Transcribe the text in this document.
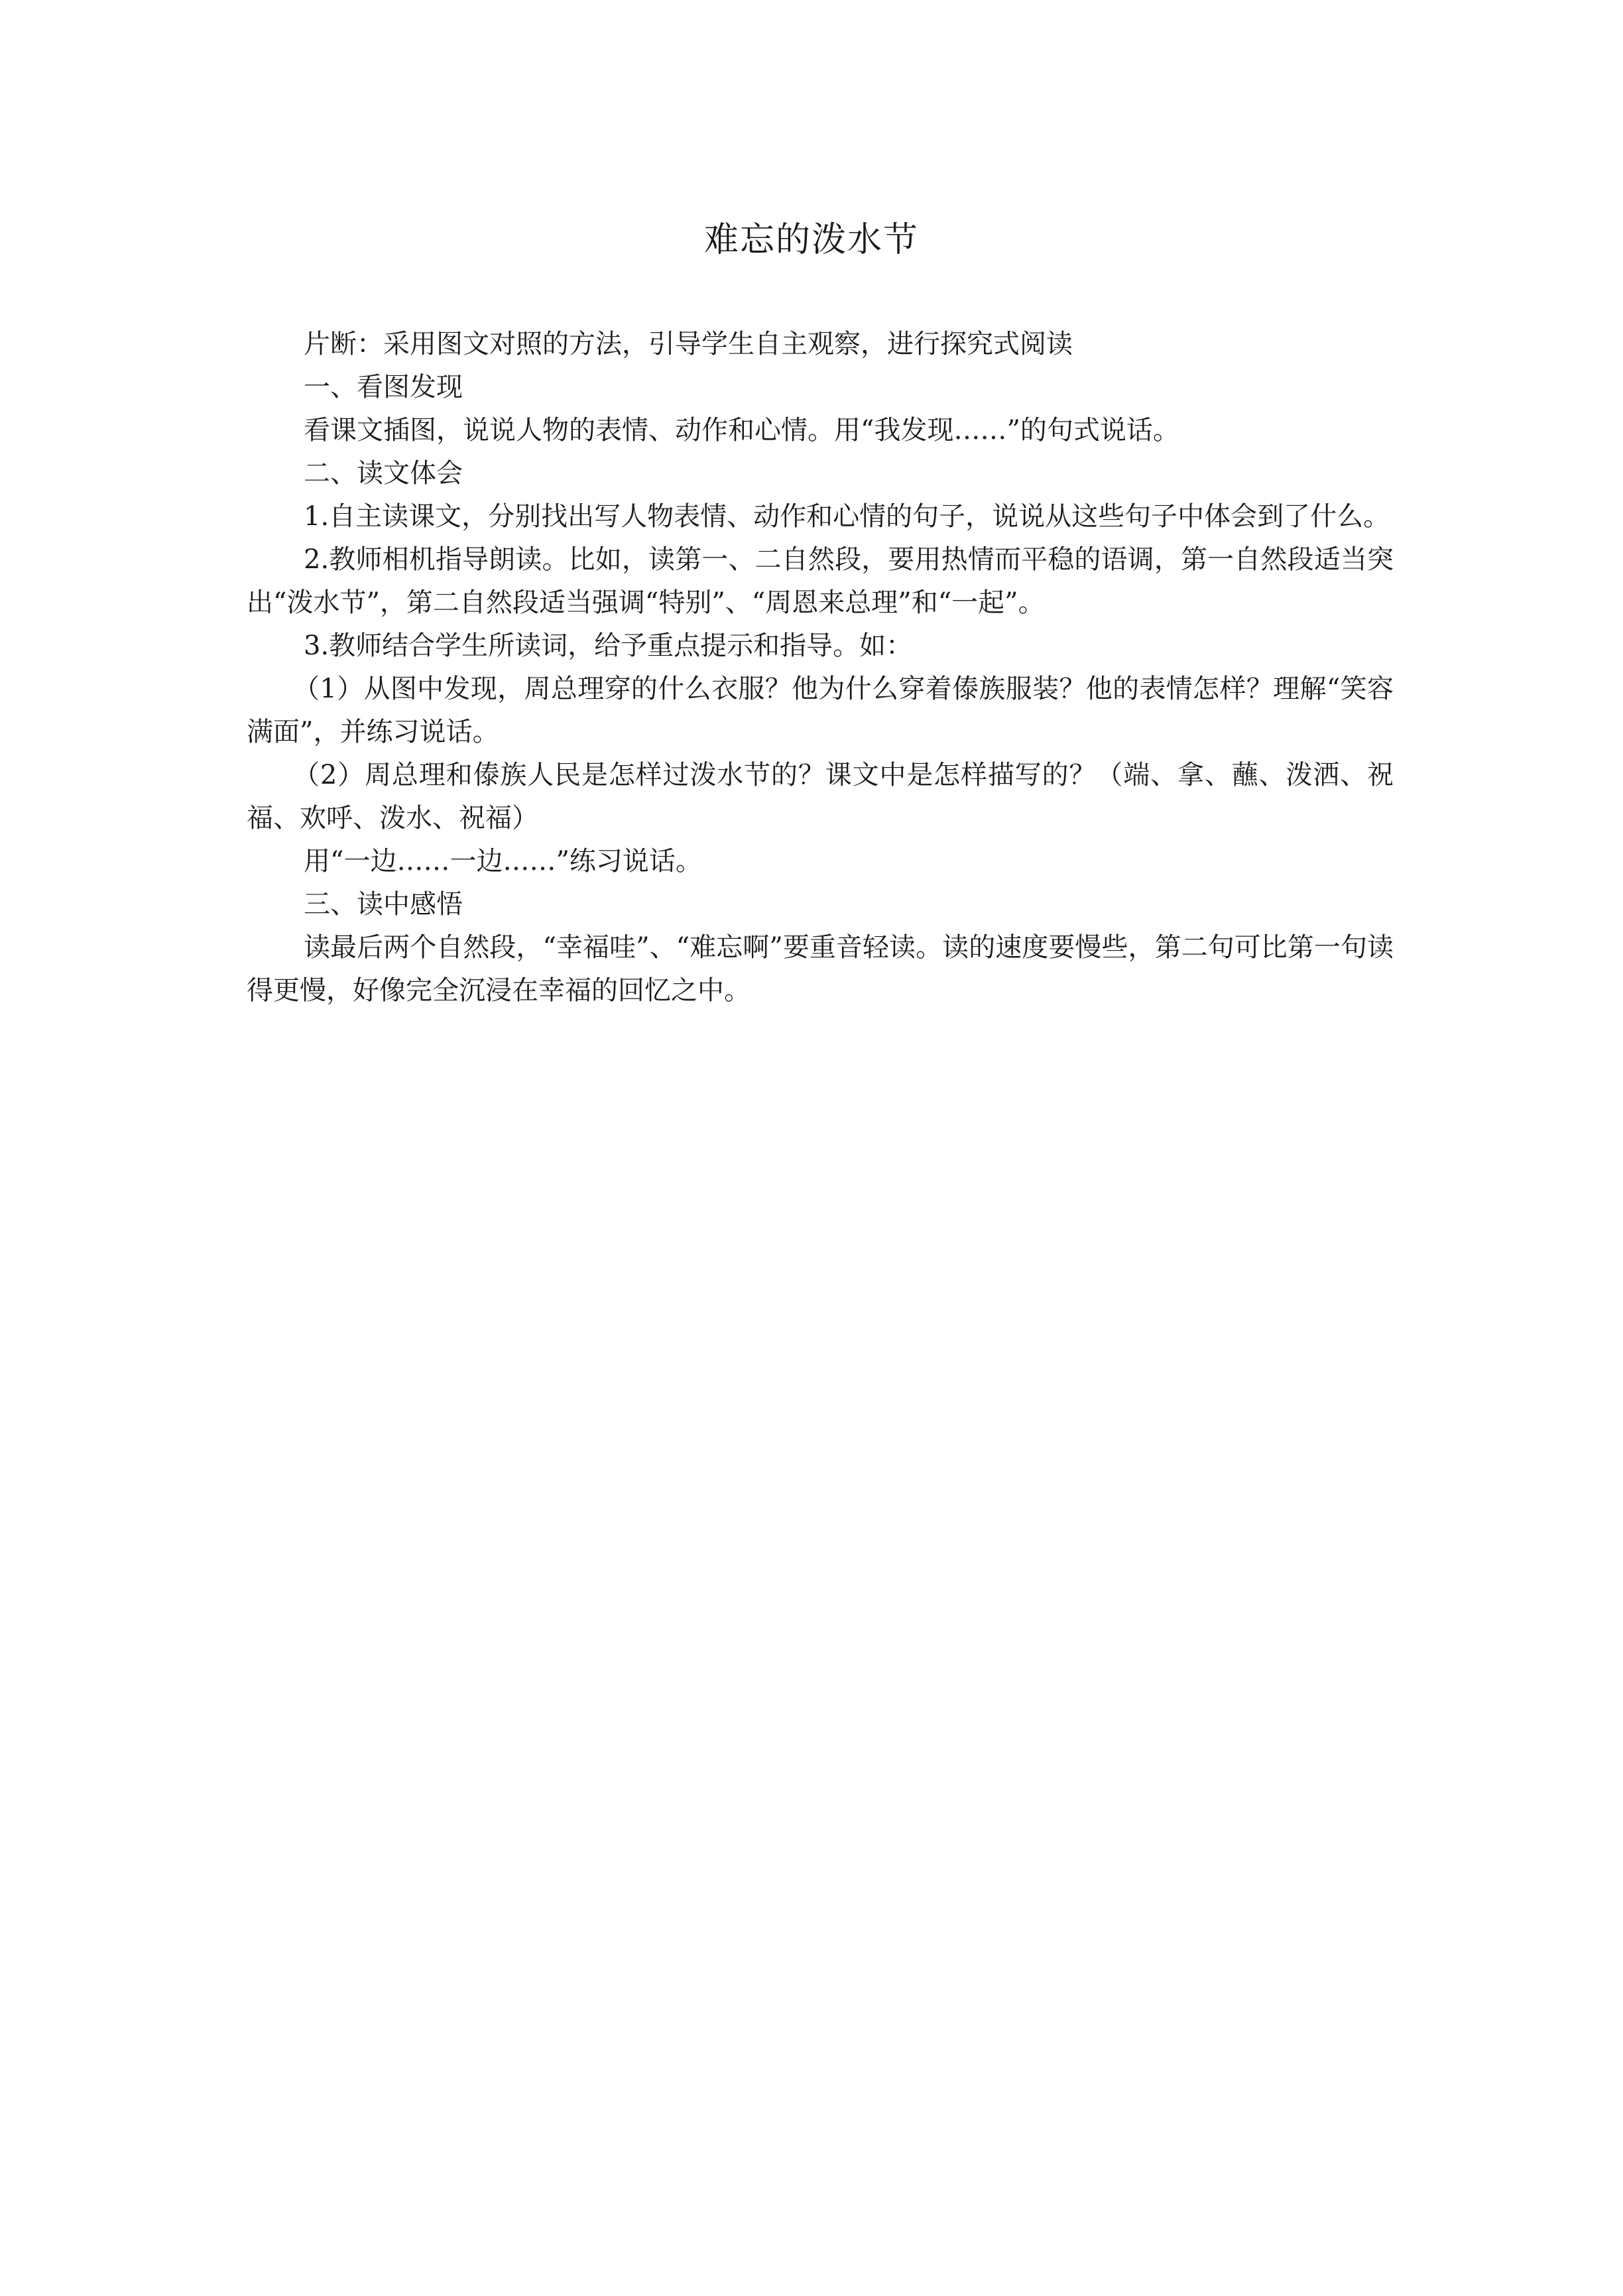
难忘的泼水节

片断：采用图文对照的方法，引导学生自主观察，进行探究式阅读

一、看图发现

看课文插图，说说人物的表情、动作和心情。用“我发现……”的句式说话。

二、读文体会

1.自主读课文，分别找出写人物表情、动作和心情的句子，说说从这些句子中体会到了什么。

2.教师相机指导朗读。比如，读第一、二自然段，要用热情而平稳的语调，第一自然段适当突出“泼水节”，第二自然段适当强调“特别”、“周恩来总理”和“一起”。

3.教师结合学生所读词，给予重点提示和指导。如：

（1）从图中发现，周总理穿的什么衣服？他为什么穿着傣族服装？他的表情怎样？理解“笑容满面”，并练习说话。

（2）周总理和傣族人民是怎样过泼水节的？课文中是怎样描写的？（端、拿、蘸、泼洒、祝福、欢呼、泼水、祝福）

用“一边……一边……”练习说话。

三、读中感悟

读最后两个自然段，“幸福哇”、“难忘啊”要重音轻读。读的速度要慢些，第二句可比第一句读得更慢，好像完全沉浸在幸福的回忆之中。
